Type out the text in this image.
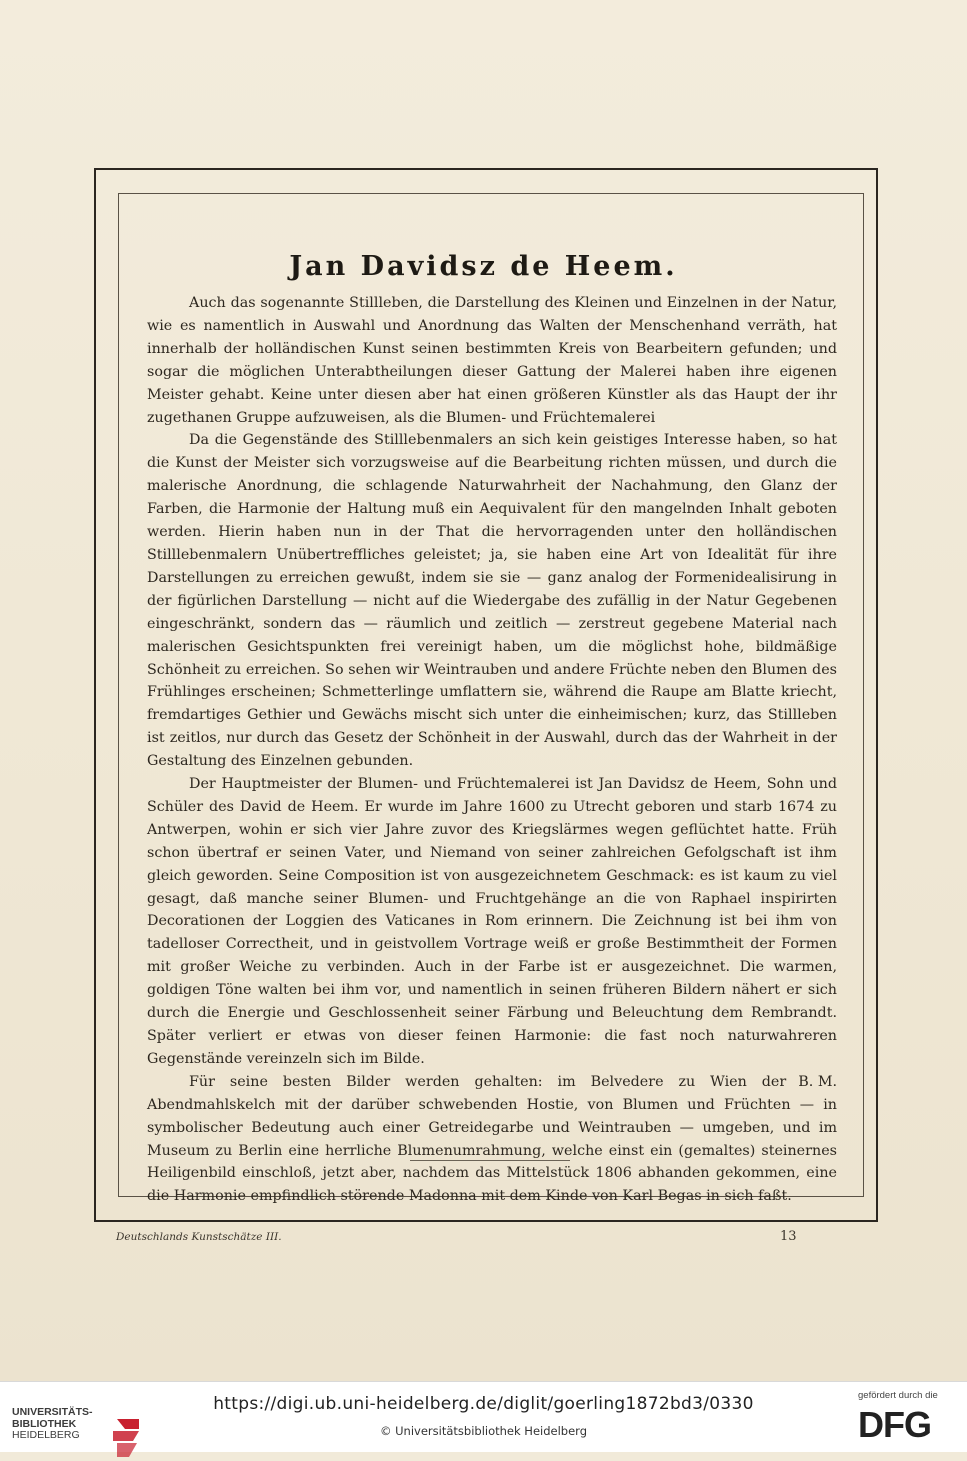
Jan Davidsz de Heem.

Auch das sogenannte Stillleben, die Darstellung des Kleinen und Einzelnen in der Natur, wie es namentlich in Auswahl und Anordnung das Walten der Menschenhand verräth, hat innerhalb der holländischen Kunst seinen bestimmten Kreis von Bearbeitern gefunden; und sogar die möglichen Unterabtheilungen dieser Gattung der Malerei haben ihre eigenen Meister gehabt. Keine unter diesen aber hat einen größeren Künstler als das Haupt der ihr zugethanen Gruppe aufzuweisen, als die Blumen- und Früchtemalerei

Da die Gegenstände des Stilllebenmalers an sich kein geistiges Interesse haben, so hat die Kunst der Meister sich vorzugsweise auf die Bearbeitung richten müssen, und durch die malerische Anordnung, die schlagende Naturwahrheit der Nachahmung, den Glanz der Farben, die Harmonie der Haltung muß ein Aequivalent für den mangelnden Inhalt geboten werden. Hierin haben nun in der That die hervorragenden unter den holländischen Stilllebenmalern Unübertreffliches geleistet; ja, sie haben eine Art von Idealität für ihre Darstellungen zu erreichen gewußt, indem sie sie — ganz analog der Formenidealisirung in der figürlichen Darstellung — nicht auf die Wiedergabe des zufällig in der Natur Gegebenen eingeschränkt, sondern das — räumlich und zeitlich — zerstreut gegebene Material nach malerischen Gesichtspunkten frei vereinigt haben, um die möglichst hohe, bildmäßige Schönheit zu erreichen. So sehen wir Weintrauben und andere Früchte neben den Blumen des Frühlinges erscheinen; Schmetterlinge umflattern sie, während die Raupe am Blatte kriecht, fremdartiges Gethier und Gewächs mischt sich unter die einheimischen; kurz, das Stillleben ist zeitlos, nur durch das Gesetz der Schönheit in der Auswahl, durch das der Wahrheit in der Gestaltung des Einzelnen gebunden.

Der Hauptmeister der Blumen- und Früchtemalerei ist Jan Davidsz de Heem, Sohn und Schüler des David de Heem. Er wurde im Jahre 1600 zu Utrecht geboren und starb 1674 zu Antwerpen, wohin er sich vier Jahre zuvor des Kriegslärmes wegen geflüchtet hatte. Früh schon übertraf er seinen Vater, und Niemand von seiner zahlreichen Gefolgschaft ist ihm gleich geworden. Seine Composition ist von ausgezeichnetem Geschmack: es ist kaum zu viel gesagt, daß manche seiner Blumen- und Fruchtgehänge an die von Raphael inspirirten Decorationen der Loggien des Vaticanes in Rom erinnern. Die Zeichnung ist bei ihm von tadelloser Correctheit, und in geistvollem Vortrage weiß er große Bestimmtheit der Formen mit großer Weiche zu verbinden. Auch in der Farbe ist er ausgezeichnet. Die warmen, goldigen Töne walten bei ihm vor, und namentlich in seinen früheren Bildern nähert er sich durch die Energie und Geschlossenheit seiner Färbung und Beleuchtung dem Rembrandt. Später verliert er etwas von dieser feinen Harmonie: die fast noch naturwahreren Gegenstände vereinzeln sich im Bilde.

B. M.
Für seine besten Bilder werden gehalten: im Belvedere zu Wien der Abendmahlskelch mit der darüber schwebenden Hostie, von Blumen und Früchten — in symbolischer Bedeutung auch einer Getreidegarbe und Weintrauben — umgeben, und im Museum zu Berlin eine herrliche Blumenumrahmung, welche einst ein (gemaltes) steinernes Heiligenbild einschloß, jetzt aber, nachdem das Mittelstück 1806 abhanden gekommen, eine die Harmonie empfindlich störende Madonna mit dem Kinde von Karl Begas in sich faßt.

Deutschlands Kunstschätze III.	13
UNIVERSITÄTS-
BIBLIOTHEK
HEIDELBERG
https://digi.ub.uni-heidelberg.de/diglit/goerling1872bd3/0330
© Universitätsbibliothek Heidelberg
gefördert durch die
DFG
